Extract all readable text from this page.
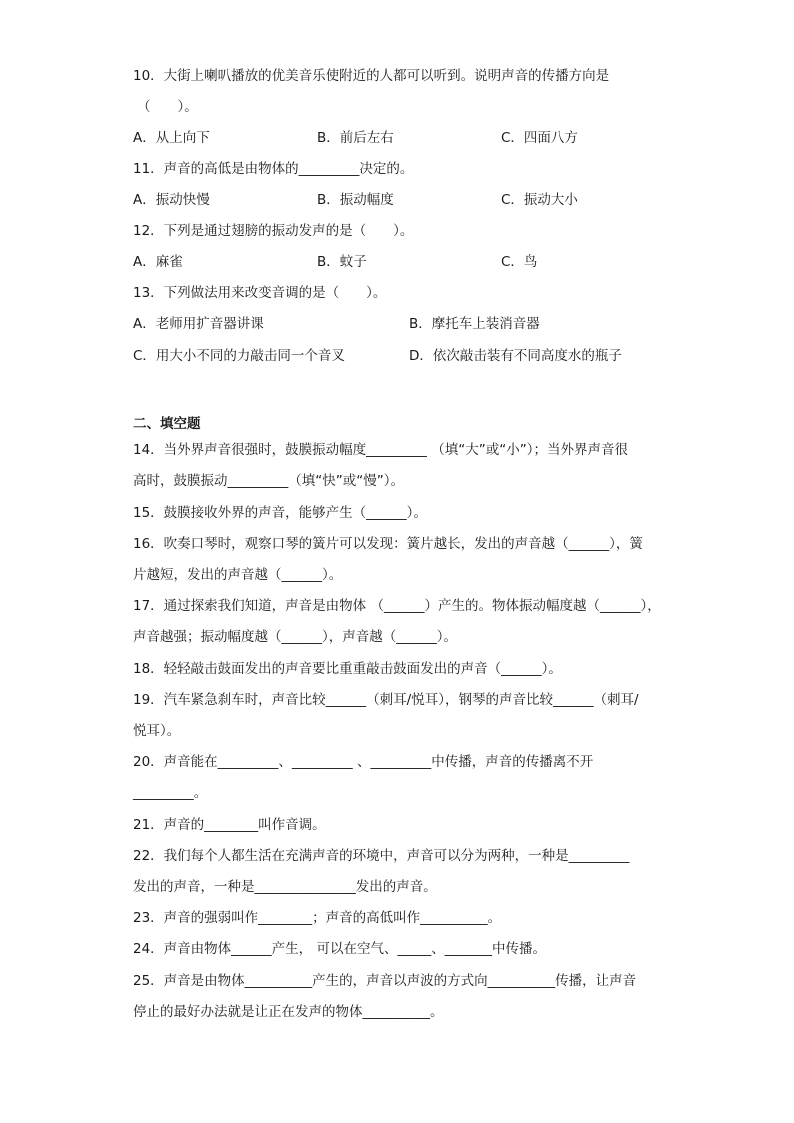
10．大街上喇叭播放的优美音乐使附近的人都可以听到。说明声音的传播方向是
（　　）。
A．从上向下	B．前后左右	C．四面八方
11．声音的高低是由物体的_________决定的。
A．振动快慢	B．振动幅度	C．振动大小
12．下列是通过翅膀的振动发声的是（　　）。
A．麻雀	B．蚊子	C．鸟
13．下列做法用来改变音调的是（　　）。
A．老师用扩音器讲课	B．摩托车上装消音器
C．用大小不同的力敲击同一个音叉	D．依次敲击装有不同高度水的瓶子
二、填空题
14．当外界声音很强时，鼓膜振动幅度_________ （填“大”或“小”）；当外界声音很
高时，鼓膜振动_________（填“快”或“慢”）。
15．鼓膜接收外界的声音，能够产生（______）。
16．吹奏口琴时，观察口琴的簧片可以发现：簧片越长，发出的声音越（______），簧
片越短，发出的声音越（______）。
17．通过探索我们知道，声音是由物体 （______）产生的。物体振动幅度越（______），
声音越强；振动幅度越（______），声音越（______）。
18．轻轻敲击鼓面发出的声音要比重重敲击鼓面发出的声音（______）。
19．汽车紧急刹车时，声音比较______（刺耳/悦耳），钢琴的声音比较______（刺耳/
悦耳）。
20．声音能在_________、_________ 、_________中传播，声音的传播离不开
_________。
21．声音的________叫作音调。
22．我们每个人都生活在充满声音的环境中，声音可以分为两种，一种是_________
发出的声音，一种是_______________发出的声音。
23．声音的强弱叫作________；声音的高低叫作__________。
24．声音由物体______产生， 可以在空气、_____、_______中传播。
25．声音是由物体__________产生的，声音以声波的方式向__________传播，让声音
停止的最好办法就是让正在发声的物体__________。
